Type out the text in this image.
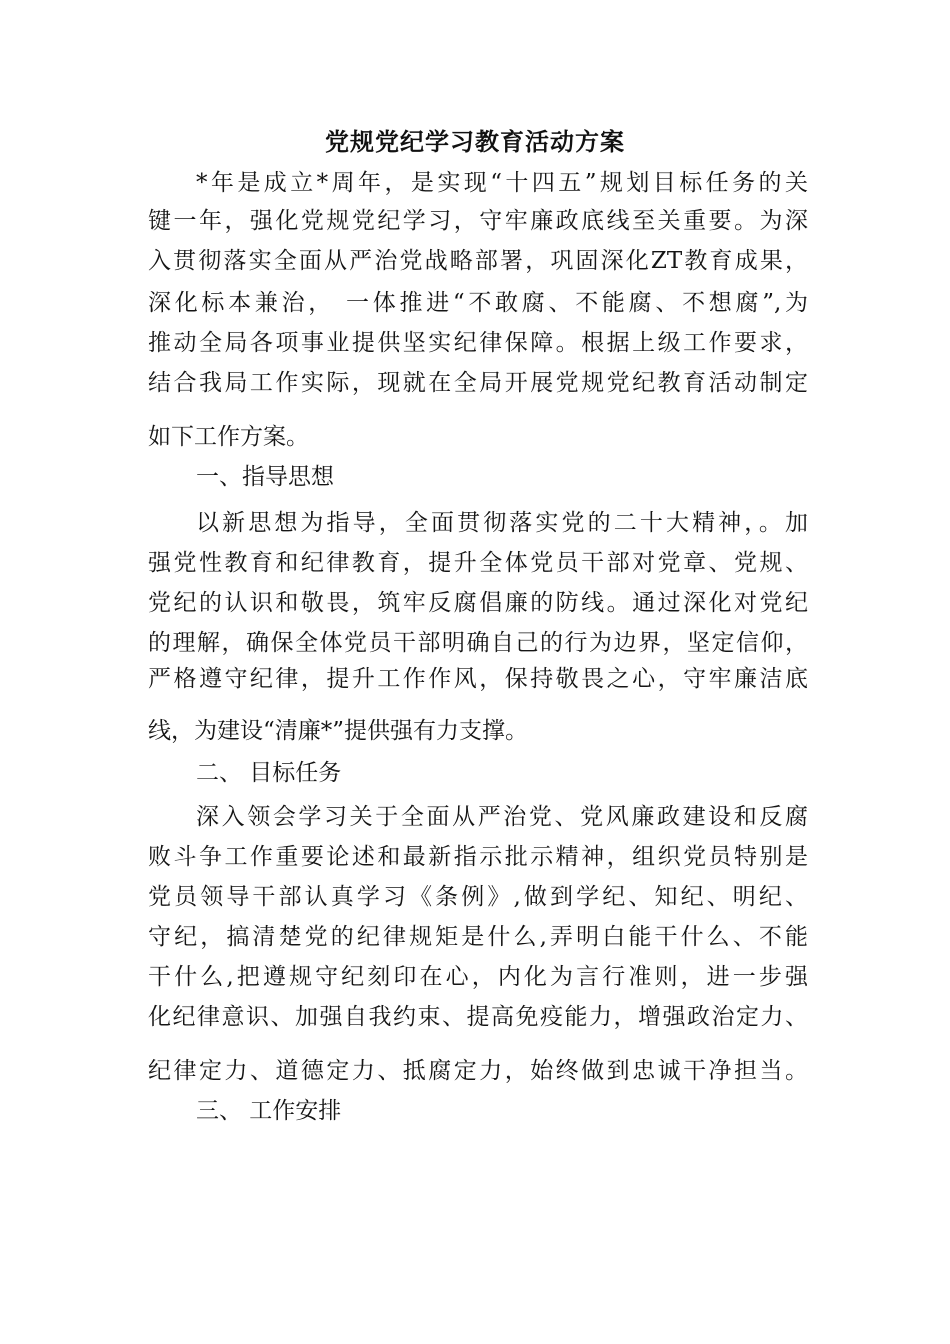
党规党纪学习教育活动方案
*年是成立*周年，是实现“十四五”规划目标任务的关
键一年，强化党规党纪学习，守牢廉政底线至关重要。为深
入贯彻落实全面从严治党战略部署，巩固深化ZT教育成果，
深化标本兼治， 一体推进“不敢腐、不能腐、不想腐”,为
推动全局各项事业提供坚实纪律保障。根据上级工作要求，
结合我局工作实际，现就在全局开展党规党纪教育活动制定
如下工作方案。
一、指导思想
以新思想为指导，全面贯彻落实党的二十大精神，。加
强党性教育和纪律教育，提升全体党员干部对党章、党规、
党纪的认识和敬畏，筑牢反腐倡廉的防线。通过深化对党纪
的理解，确保全体党员干部明确自己的行为边界，坚定信仰，
严格遵守纪律，提升工作作风，保持敬畏之心，守牢廉洁底
线，为建设“清廉*”提供强有力支撑。
二、 目标任务
深入领会学习关于全面从严治党、党风廉政建设和反腐
败斗争工作重要论述和最新指示批示精神，组织党员特别是
党员领导干部认真学习《条例》,做到学纪、知纪、明纪、
守纪，搞清楚党的纪律规矩是什么,弄明白能干什么、不能
干什么,把遵规守纪刻印在心，内化为言行准则，进一步强
化纪律意识、加强自我约束、提高免疫能力，增强政治定力、
纪律定力、道德定力、抵腐定力，始终做到忠诚干净担当。
三、 工作安排
